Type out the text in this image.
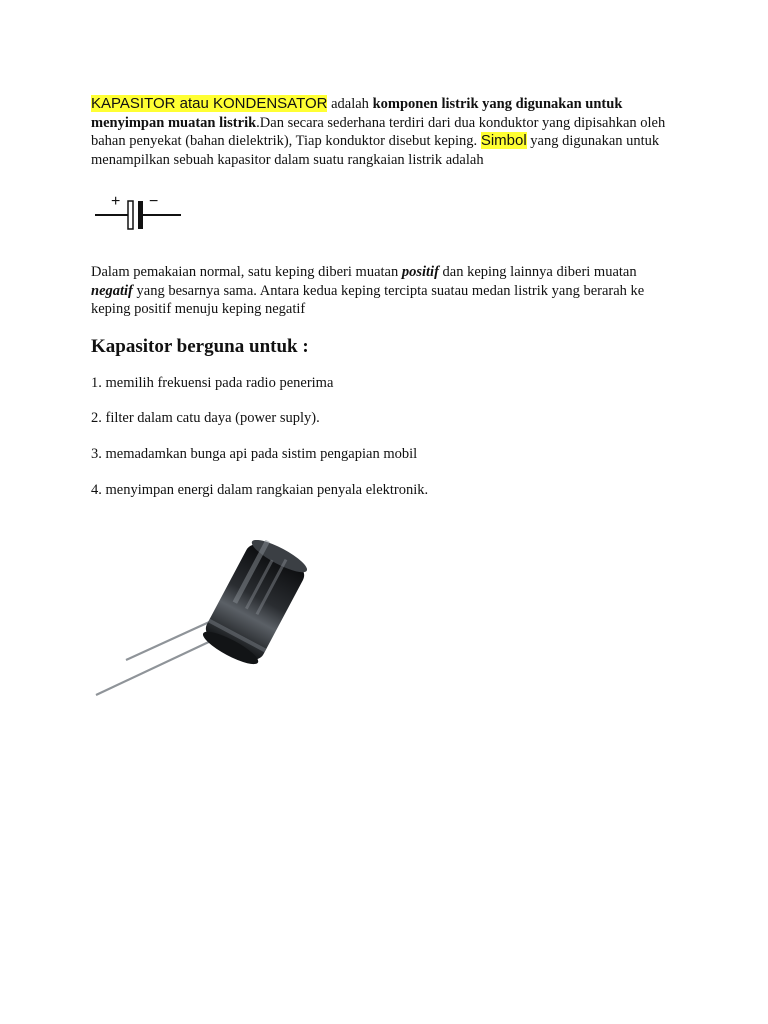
KAPASITOR atau KONDENSATOR adalah komponen listrik yang digunakan untuk menyimpan muatan listrik.Dan secara sederhana terdiri dari dua konduktor yang dipisahkan oleh bahan penyekat (bahan dielektrik), Tiap konduktor disebut keping. Simbol yang digunakan untuk menampilkan sebuah kapasitor dalam suatu rangkaian listrik adalah
+ −
Dalam pemakaian normal, satu keping diberi muatan positif dan keping lainnya diberi muatan negatif yang besarnya sama. Antara kedua keping tercipta suatau medan listrik yang berarah ke keping positif menuju keping negatif
Kapasitor berguna untuk :
1. memilih frekuensi pada radio penerima
2. filter dalam catu daya (power suply).
3. memadamkan bunga api pada sistim pengapian mobil
4. menyimpan energi dalam rangkaian penyala elektronik.
